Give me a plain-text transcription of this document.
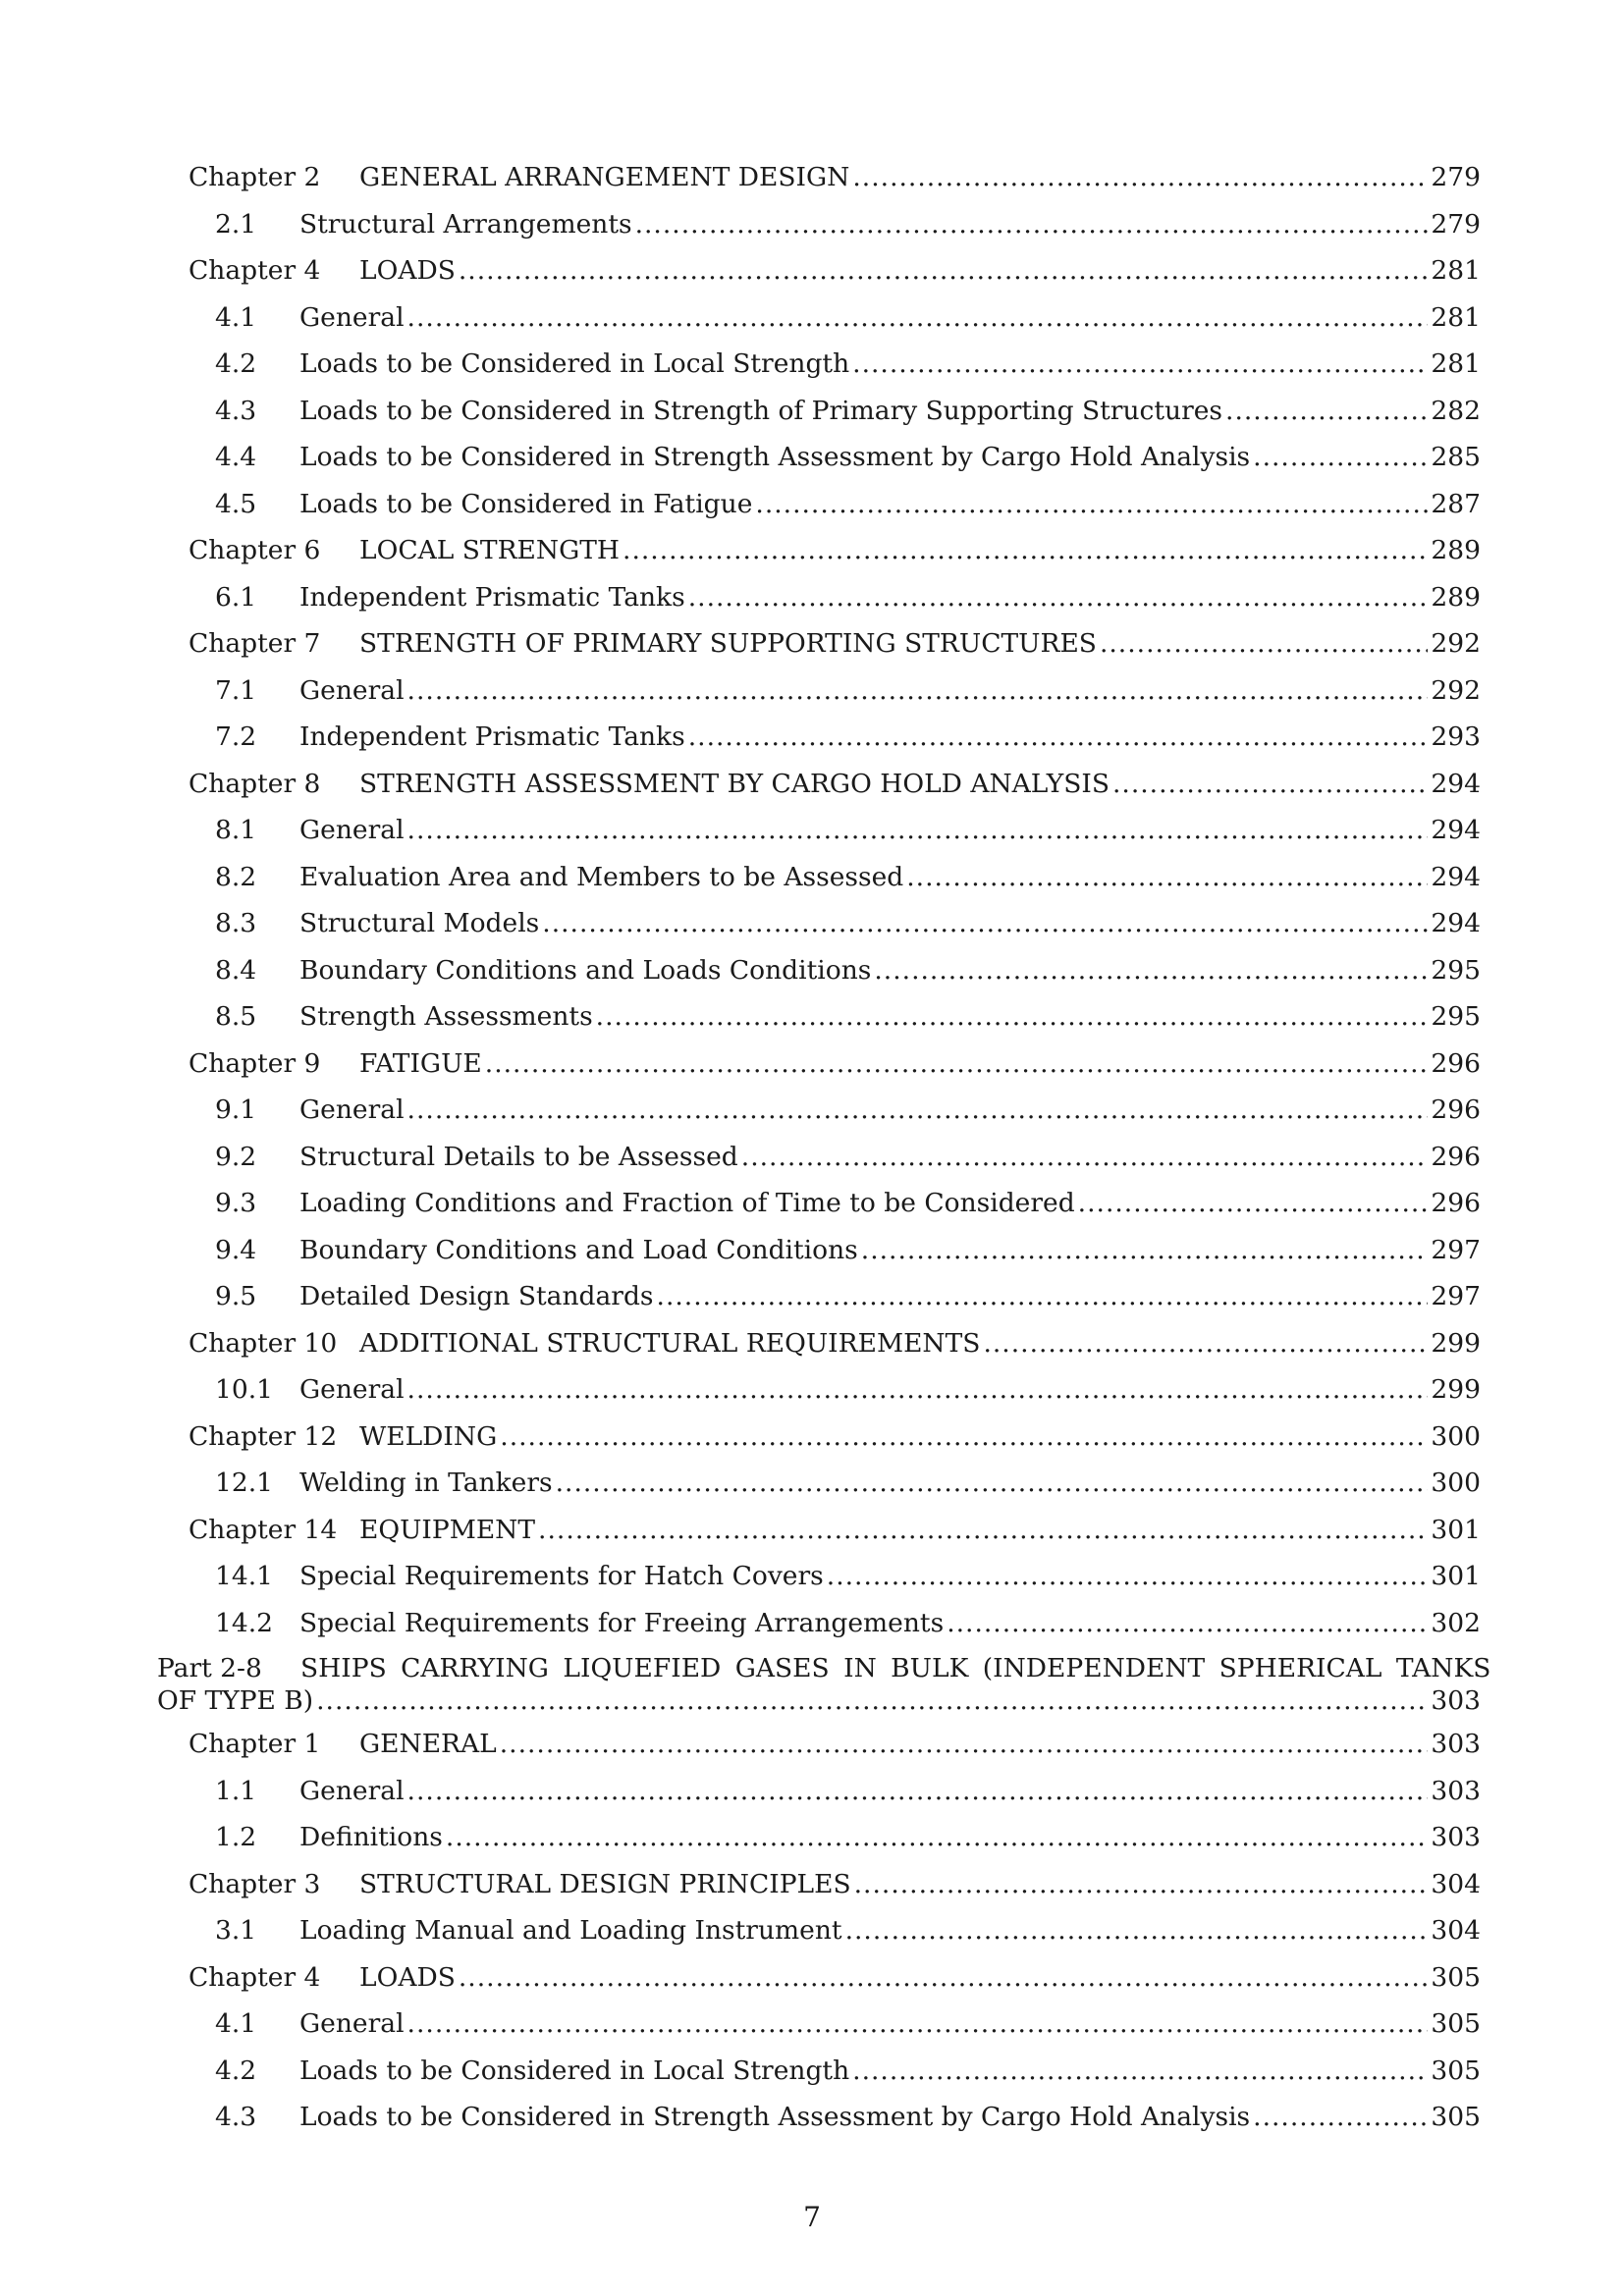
Chapter 2	GENERAL ARRANGEMENT DESIGN .....	279
2.1	Structural Arrangements .....	279
Chapter 4	LOADS .....	281
4.1	General .....	281
4.2	Loads to be Considered in Local Strength .....	281
4.3	Loads to be Considered in Strength of Primary Supporting Structures .....	282
4.4	Loads to be Considered in Strength Assessment by Cargo Hold Analysis .....	285
4.5	Loads to be Considered in Fatigue .....	287
Chapter 6	LOCAL STRENGTH .....	289
6.1	Independent Prismatic Tanks .....	289
Chapter 7	STRENGTH OF PRIMARY SUPPORTING STRUCTURES .....	292
7.1	General .....	292
7.2	Independent Prismatic Tanks .....	293
Chapter 8	STRENGTH ASSESSMENT BY CARGO HOLD ANALYSIS .....	294
8.1	General .....	294
8.2	Evaluation Area and Members to be Assessed .....	294
8.3	Structural Models .....	294
8.4	Boundary Conditions and Loads Conditions .....	295
8.5	Strength Assessments .....	295
Chapter 9	FATIGUE .....	296
9.1	General .....	296
9.2	Structural Details to be Assessed .....	296
9.3	Loading Conditions and Fraction of Time to be Considered .....	296
9.4	Boundary Conditions and Load Conditions .....	297
9.5	Detailed Design Standards .....	297
Chapter 10 ADDITIONAL STRUCTURAL REQUIREMENTS .....	299
10.1	General .....	299
Chapter 12 WELDING .....	300
12.1	Welding in Tankers .....	300
Chapter 14 EQUIPMENT .....	301
14.1	Special Requirements for Hatch Covers .....	301
14.2	Special Requirements for Freeing Arrangements .....	302
Part 2-8	SHIPS CARRYING LIQUEFIED GASES IN BULK (INDEPENDENT SPHERICAL TANKS
OF TYPE B) .....	303
Chapter 1	GENERAL .....	303
1.1	General .....	303
1.2	Definitions .....	303
Chapter 3	STRUCTURAL DESIGN PRINCIPLES .....	304
3.1	Loading Manual and Loading Instrument .....	304
Chapter 4	LOADS .....	305
4.1	General .....	305
4.2	Loads to be Considered in Local Strength .....	305
4.3	Loads to be Considered in Strength Assessment by Cargo Hold Analysis .....	305
7
